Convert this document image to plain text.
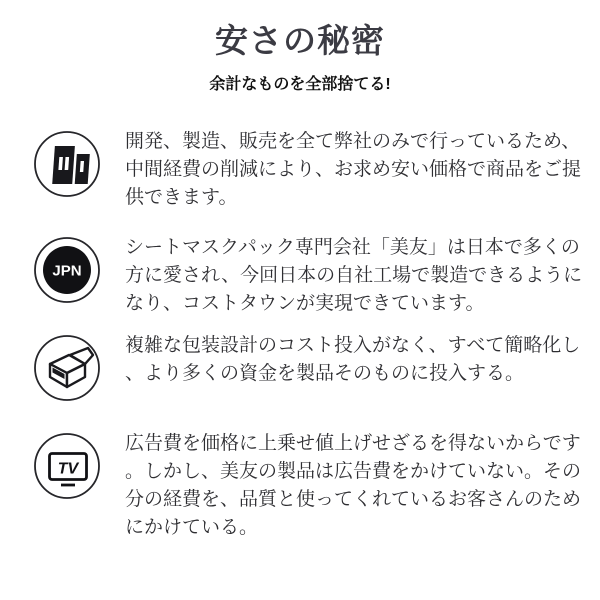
安さの秘密
余計なものを全部捨てる!

開発、製造、販売を全て弊社のみで行っているため、中間経費の削減により、お求め安い価格で商品をご提供できます。

JPN

シートマスクパック専門会社「美友」は日本で多くの方に愛され、今回日本の自社工場で製造できるようになり、コストタウンが実現できています。

複雑な包装設計のコスト投入がなく、すべて簡略化し、より多くの資金を製品そのものに投入する。

TV

広告費を価格に上乗せ値上げせざるを得ないからです。しかし、美友の製品は広告費をかけていない。その分の経費を、品質と使ってくれているお客さんのためにかけている。
